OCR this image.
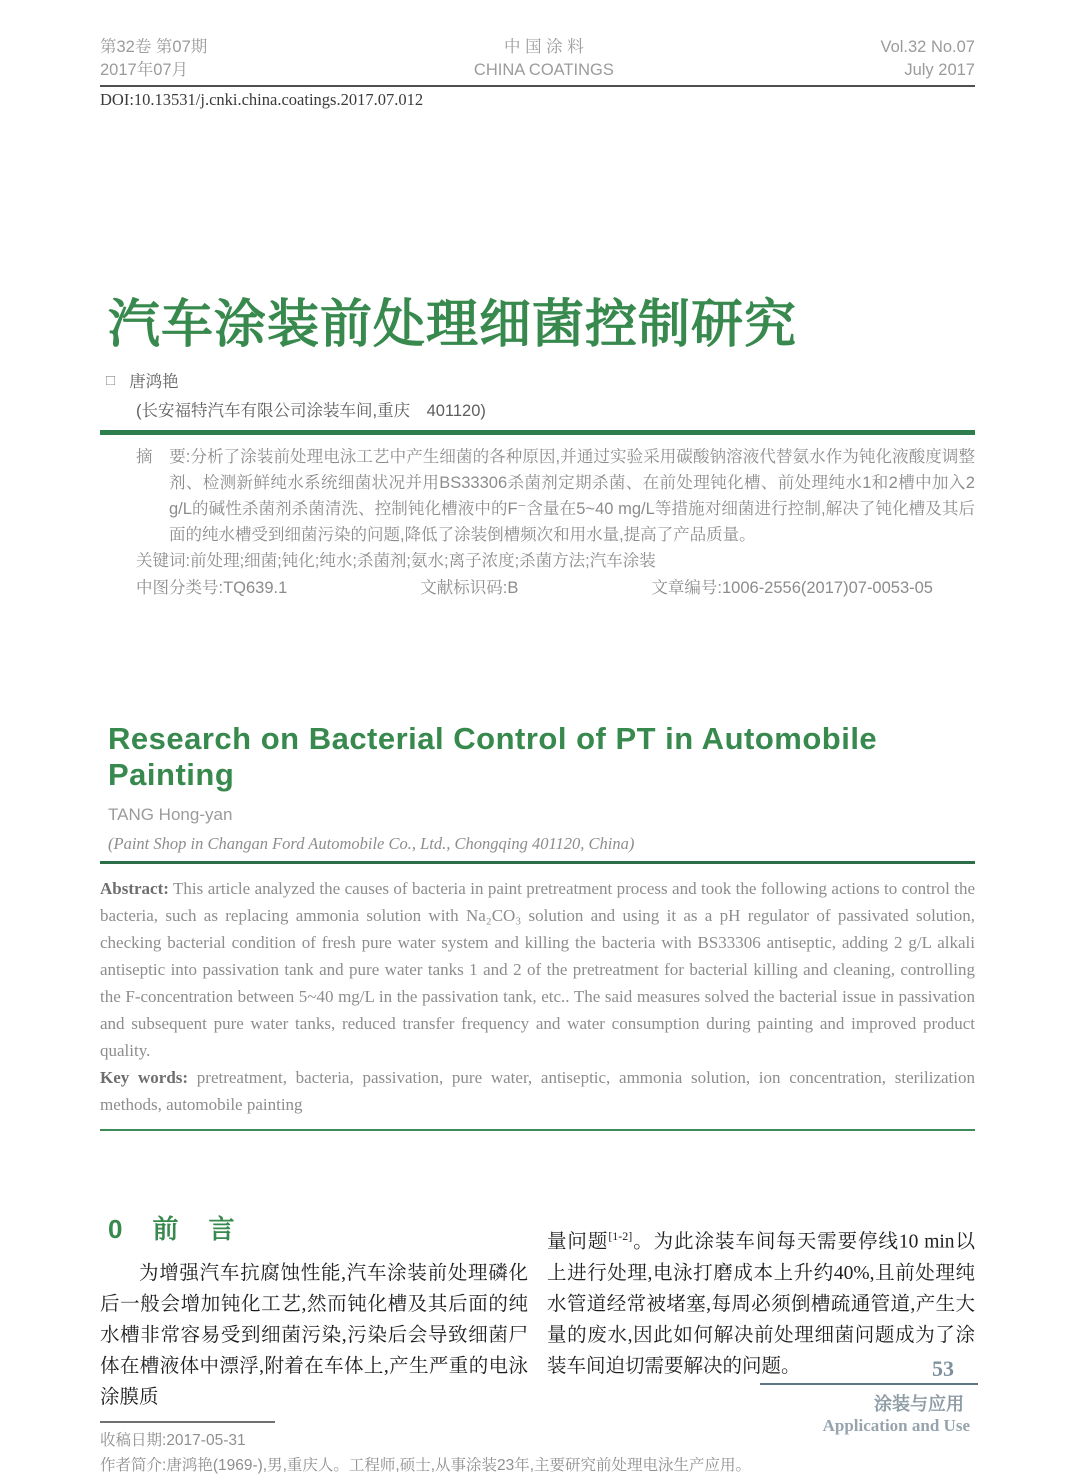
第32卷 第07期
2017年07月
中 国 涂 料
CHINA COATINGS
Vol.32 No.07
July 2017
DOI:10.13531/j.cnki.china.coatings.2017.07.012
汽车涂装前处理细菌控制研究
□ 唐鸿艳
(长安福特汽车有限公司涂装车间,重庆　401120)

摘　要:分析了涂装前处理电泳工艺中产生细菌的各种原因,并通过实验采用碳酸钠溶液代替氨水作为钝化液酸度调整剂、检测新鲜纯水系统细菌状况并用BS33306杀菌剂定期杀菌、在前处理钝化槽、前处理纯水1和2槽中加入2 g/L的碱性杀菌剂杀菌清洗、控制钝化槽液中的F⁻含量在5~40 mg/L等措施对细菌进行控制,解决了钝化槽及其后面的纯水槽受到细菌污染的问题,降低了涂装倒槽频次和用水量,提高了产品质量。

关键词:前处理;细菌;钝化;纯水;杀菌剂;氨水;离子浓度;杀菌方法;汽车涂装

中图分类号:TQ639.1	文献标识码:B	文章编号:1006-2556(2017)07-0053-05
Research on Bacterial Control of PT in Automobile Painting
TANG Hong-yan
(Paint Shop in Changan Ford Automobile Co., Ltd., Chongqing 401120, China)

Abstract: This article analyzed the causes of bacteria in paint pretreatment process and took the following actions to control the bacteria, such as replacing ammonia solution with Na₂CO₃ solution and using it as a pH regulator of passivated solution, checking bacterial condition of fresh pure water system and killing the bacteria with BS33306 antiseptic, adding 2 g/L alkali antiseptic into passivation tank and pure water tanks 1 and 2 of the pretreatment for bacterial killing and cleaning, controlling the F-concentration between 5~40 mg/L in the passivation tank, etc.. The said measures solved the bacterial issue in passivation and subsequent pure water tanks, reduced transfer frequency and water consumption during painting and improved product quality.

Key words: pretreatment, bacteria, passivation, pure water, antiseptic, ammonia solution, ion concentration, sterilization methods, automobile painting

0　前　言

为增强汽车抗腐蚀性能,汽车涂装前处理磷化后一般会增加钝化工艺,然而钝化槽及其后面的纯水槽非常容易受到细菌污染,污染后会导致细菌尸体在槽液体中漂浮,附着在车体上,产生严重的电泳涂膜质

量问题[1-2]。为此涂装车间每天需要停线10 min以上进行处理,电泳打磨成本上升约40%,且前处理纯水管道经常被堵塞,每周必须倒槽疏通管道,产生大量的废水,因此如何解决前处理细菌问题成为了涂装车间迫切需要解决的问题。

收稿日期:2017-05-31
作者简介:唐鸿艳(1969-),男,重庆人。工程师,硕士,从事涂装23年,主要研究前处理电泳生产应用。
53
涂装与应用
Application and Use
